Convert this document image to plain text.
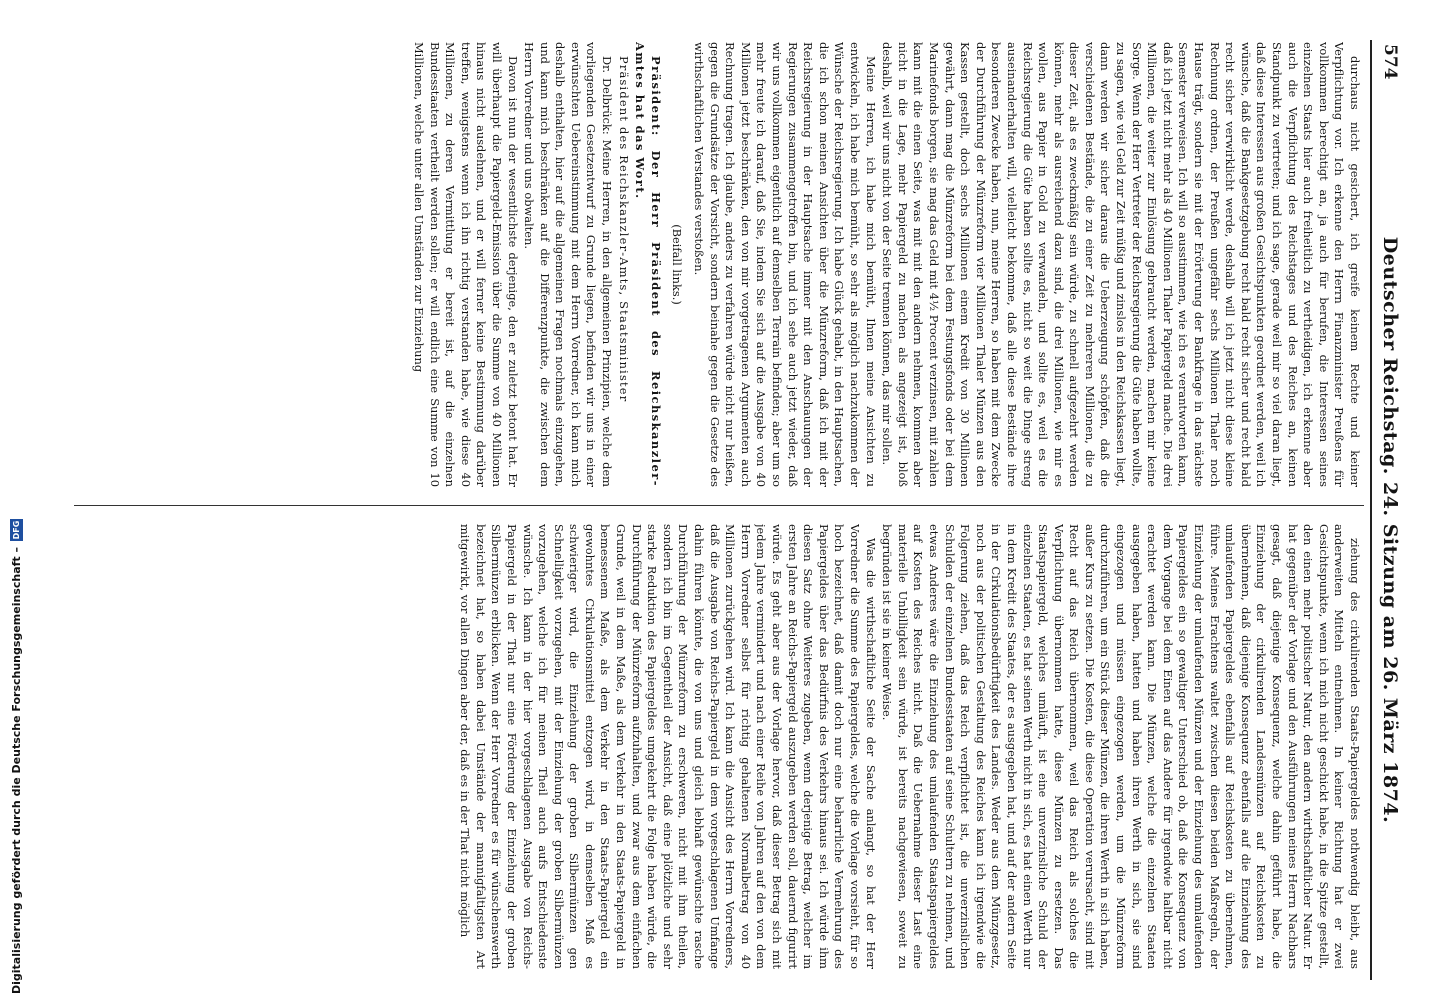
574
Deutscher Reichstag. 24. Sitzung am 26. März 1874.

durchaus nicht gesichert, ich greife keinem Rechte und keiner Verpflichtung vor. Ich erkenne den Herrn Finanzminister Preußens für vollkommen berechtigt an, ja auch für berufen, die Interessen seines einzelnen Staats hier auch freiheitlich zu vertheidigen, ich erkenne aber auch die Verpflichtung des Reichstages und des Reiches an, keinen Standpunkt zu vertreten; und ich sage, gerade weil mir so viel daran liegt, daß diese Interessen aus großen Gesichtspunkten geordnet werden, weil ich wünsche, daß die Bankgesetzgebung recht bald recht sicher und recht bald recht sicher verwirklicht werde, deshalb will ich jetzt nicht diese kleine Rechnung ordnen, der Preußen ungefähr sechs Millionen Thaler noch Hause trägt, sondern sie mit der Erörterung der Bankfrage in das nächste Semester verweisen. Ich will so ausstimmen, wie ich es verantworten kann, daß ich jetzt nicht mehr als 40 Millionen Thaler Papiergeld mache. Die drei Millionen, die weiter zur Einlösung gebraucht werden, machen mir keine Sorge. Wenn der Herr Vertreter der Reichsregierung die Güte haben wollte, zu sagen, wie viel Geld zur Zeit müßig und zinslos in den Reichskassen liegt, dann werden wir sicher daraus die Ueberzeugung schöpfen, daß die verschiedenen Bestände, die zu einer Zeit zu mehreren Millionen, die zu dieser Zeit, als es zweckmäßig sein würde, zu schnell aufgezehrt werden können, mehr als ausreichend dazu sind, die drei Millionen, wie mir es wollen, aus Papier in Gold zu verwandeln, und sollte es, weil es die Reichsregierung die Güte haben sollte es, nicht so weit die Dinge streng auseinanderhalten will, vielleicht bekomme, daß alle diese Bestände ihre besonderen Zwecke haben, nun, meine Herren, so haben mit dem Zwecke der Durchführung der Münzreform vier Millionen Thaler Münzen aus den Kassen gestellt, doch sechs Millionen einem Kredit von 30 Millionen gewährt, dann mag die Münzreform bei dem Festungsfonds oder bei dem Marinefonds borgen, sie mag das Geld mit 4½ Procent verzinsen, mit zahlen kann mit die einen Seite, was mit mit den andern nehmen, kommen aber nicht in die Lage, mehr Papiergeld zu machen als angezeigt ist, bloß deshalb, weil wir uns nicht von der Seite trennen können, das mir sollen.

Meine Herren, ich habe mich bemüht, Ihnen meine Ansichten zu entwickeln, ich habe mich bemüht, so sehr als möglich nachzukommen der Wünsche der Reichsregierung. Ich habe Glück gehabt, in den Hauptsachen, die ich schon meinen Ansichten über die Münzreform, daß ich mit der Reichsregierung in der Hauptsache immer mit den Anschauungen der Regierungen zusammengetroffen bin, und ich sehe auch jetzt wieder, daß wir uns vollkommen eigentlich auf demselben Terrain befinden; aber um so mehr freute ich darauf, daß Sie, indem Sie sich auf die Ausgabe von 40 Millionen jetzt beschränken, den von mir vorgetragenen Argumenten auch Rechnung tragen. Ich glaube, anders zu verfahren würde nicht nur heißen, gegen die Grundsätze der Vorsicht, sondern beinahe gegen die Gesetze des wirthschaftlichen Verstandes verstoßen.

(Beifall links.)

Präsident: Der Herr Präsident des Reichskanzler-Amtes hat das Wort.

Präsident des Reichskanzler-Amts, Staatsminister

Dr. Delbrück: Meine Herren, in den allgemeinen Prinzipien, welche dem vorliegenden Gesetzentwurf zu Grunde liegen, befinden wir uns in einer erwünschten Uebereinstimmung mit dem Herrn Vorredner, ich kann mich deshalb enthalten, hier auf die allgemeinen Fragen nochmals einzugehen, und kann mich beschränken auf die Differenzpunkte, die zwischen dem Herrn Vorredner und uns obwalten.

Davon ist nun der wesentlichste derjenige, den er zuletzt betont hat. Er will überhaupt die Papiergeld-Emission über die Summe von 40 Millionen hinaus nicht ausdehnen, und er will ferner keine Bestimmung darüber treffen, wenigstens wenn ich ihn richtig verstanden habe, wie diese 40 Millionen, zu deren Vermittlung er bereit ist, auf die einzelnen Bundesstaaten vertheilt werden sollen; er will endlich eine Summe von 10 Millionen, welche unter allen Umständen zur Einziehung

ziehung des cirkulirenden Staats-Papiergeldes nothwendig bleibt, aus anderweiten Mitteln entnehmen. In keiner Richtung hat er zwei Gesichtspunkte, wenn ich mich nicht geschickt habe, in die Spitze gestellt, den einen mehr politischer Natur, den andern wirthschaftlicher Natur. Er hat gegenüber der Vorlage und den Ausführungen meines Herrn Nachbars gesagt, daß diejenige Konsequenz, welche dahin geführt habe, die Einziehung der cirkulirenden Landesmünzen auf Reichskosten zu übernehmen, daß diejenige Konsequenz ebenfalls auf die Einziehung des umlaufenden Papiergeldes ebenfalls auf Reichskosten zu übernehmen, führe. Meines Erachtens waltet zwischen diesen beiden Maßregeln, der Einziehung der umlaufenden Münzen und der Einziehung des umlaufenden Papiergeldes ein so gewaltiger Unterschied ob, daß die Konsequenz von dem Vorgange bei dem Einen auf das Andere für irgendwie haltbar nicht erachtet werden kann. Die Münzen, welche die einzelnen Staaten ausgegeben haben, hatten und haben ihren Werth in sich, sie sind eingezogen und müssen eingezogen werden, um die Münzreform durchzuführen, um ein Stück dieser Münzen, die ihren Werth in sich haben, außer Kurs zu setzen. Die Kosten, die diese Operation verursacht, sind mit Recht auf das Reich übernommen, weil das Reich als solches die Verpflichtung übernommen hatte, diese Münzen zu ersetzen. Das Staatspapiergeld, welches umläuft, ist eine unverzinsliche Schuld der einzelnen Staaten, es hat seinen Werth nicht in sich, es hat einen Werth nur in dem Kredit des Staates, der es ausgegeben hat, und auf der andern Seite in der Cirkulationsbedürftigkeit des Landes. Weder aus dem Münzgesetz, noch aus der politischen Gestaltung des Reiches kann ich irgendwie die Folgerung ziehen, daß das Reich verpflichtet ist, die unverzinslichen Schulden der einzelnen Bundesstaaten auf seine Schultern zu nehmen, und etwas Anderes wäre die Einziehung des umlaufenden Staatspapiergeldes auf Kosten des Reiches nicht. Daß die Uebernahme dieser Last eine materielle Unbilligkeit sein würde, ist bereits nachgewiesen, soweit zu begründen ist sie in keiner Weise.

Was die wirthschaftliche Seite der Sache anlangt, so hat der Herr Vorredner die Summe des Papiergeldes, welche die Vorlage vorsieht, für so hoch bezeichnet, daß damit doch nur eine beharrliche Vermehrung des Papiergeldes über das Bedürfnis des Verkehrs hinaus sei. Ich würde ihm diesen Satz ohne Weiteres zugeben, wenn derjenige Betrag, welcher im ersten Jahre an Reichs-Papiergeld auszugeben werden soll, dauernd figurirt würde. Es geht aber aus der Vorlage hervor, daß dieser Betrag sich mit jedem Jahre vermindert und nach einer Reihe von Jahren auf den von dem Herrn Vorredner selbst für richtig gehaltenen Normalbetrag von 40 Millionen zurückgehen wird. Ich kann die Ansicht des Herrn Vorredners, daß die Ausgabe von Reichs-Papiergeld in dem vorgeschlagenen Umfange dahin führen könnte, die von uns und gleich lebhaft gewünschte rasche Durchführung der Münzreform zu erschweren, nicht mit ihm theilen, sondern ich bin im Gegentheil der Ansicht, daß eine plötzliche und sehr starke Reduktion des Papiergeldes umgekehrt die Folge haben würde, die Durchführung der Münzreform aufzuhalten, und zwar aus dem einfachen Grunde, weil in dem Maße, als dem Verkehr in den Staats-Papiergeld in bemessenem Maße, als dem Verkehr in den Staats-Papiergeld ein gewohntes Cirkulationsmittel entzogen wird, in demselben Maß es schwieriger wird, die Einziehung der groben Silbermünzen gen Schnelligkeit vorzugehen, mit der Einziehung der groben Silbermünzen vorzugehen, welche ich für meinen Theil auch aufs Entschiedenste wünsche. Ich kann in der hier vorgeschlagenen Ausgabe von Reichs-Papiergeld in der That nur eine Förderung der Einziehung der groben Silbermünzen erblicken. Wenn der Herr Vorredner es für wünschenswerth bezeichnet hat, so haben dabei Umstände der mannigfaltigsten Art mitgewirkt, vor allen Dingen aber der, daß es in der That nicht möglich

Digitalisierung gefördert durch die Deutsche Forschungsgemeinschaft –
DFG
